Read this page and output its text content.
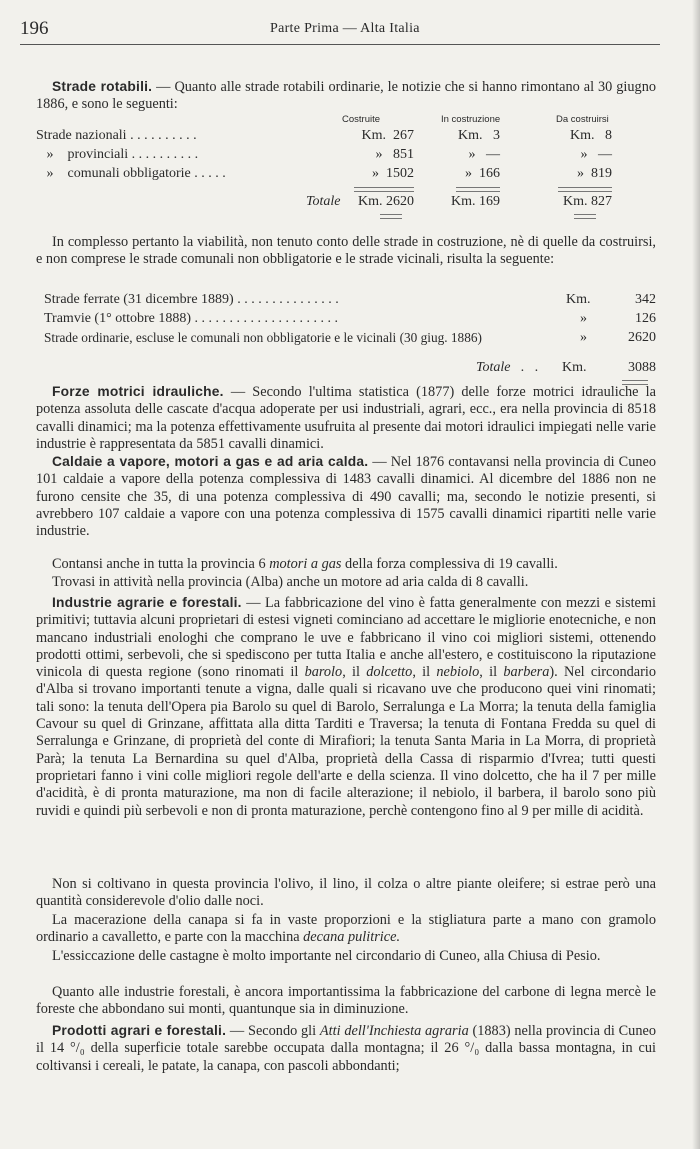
196	Parte Prima — Alta Italia

Strade rotabili. — Quanto alle strade rotabili ordinarie, le notizie che si hanno rimontano al 30 giugno 1886, e sono le seguenti:

Costruite	In costruzione	Da costruirsi
Strade nazionali . . . . . . . . . .	Km.  267	Km.   3	Km.   8
»    provinciali . . . . . . . . . .	»   851	»   —	»   —
»    comunali obbligatorie . . . . .	»  1502	»  166	»  819
Totale	Km. 2620	Km. 169	Km. 827

In complesso pertanto la viabilità, non tenuto conto delle strade in costruzione, nè di quelle da costruirsi, e non comprese le strade comunali non obbligatorie e le strade vicinali, risulta la seguente:

Strade ferrate (31 dicembre 1889) . . . . . . . . . . . . . . .	Km.	342
Tramvie (1° ottobre 1888) . . . . . . . . . . . . . . . . . . . . .	»	126
Strade ordinarie, escluse le comunali non obbligatorie e le vicinali (30 giug. 1886)	»	2620
Totale   .   . Km.	3088

Forze motrici idrauliche. — Secondo l'ultima statistica (1877) delle forze motrici idrauliche la potenza assoluta delle cascate d'acqua adoperate per usi industriali, agrari, ecc., era nella provincia di 8518 cavalli dinamici; ma la potenza effettivamente usufruita al presente dai motori idraulici impiegati nelle varie industrie è rappresentata da 5851 cavalli dinamici.

Caldaie a vapore, motori a gas e ad aria calda. — Nel 1876 contavansi nella provincia di Cuneo 101 caldaie a vapore della potenza complessiva di 1483 cavalli dinamici. Al dicembre del 1886 non ne furono censite che 35, di una potenza complessiva di 490 cavalli; ma, secondo le notizie presenti, si avrebbero 107 caldaie a vapore con una potenza complessiva di 1575 cavalli dinamici ripartiti nelle varie industrie.

Contansi anche in tutta la provincia 6 motori a gas della forza complessiva di 19 cavalli.

Trovasi in attività nella provincia (Alba) anche un motore ad aria calda di 8 cavalli.

Industrie agrarie e forestali. — La fabbricazione del vino è fatta generalmente con mezzi e sistemi primitivi; tuttavia alcuni proprietari di estesi vigneti cominciano ad accettare le migliorie enotecniche, e non mancano industriali enologhi che comprano le uve e fabbricano il vino coi migliori sistemi, ottenendo prodotti ottimi, serbevoli, che si spediscono per tutta Italia e anche all'estero, e costituiscono la riputazione vinicola di questa regione (sono rinomati il barolo, il dolcetto, il nebiolo, il barbera). Nel circondario d'Alba si trovano importanti tenute a vigna, dalle quali si ricavano uve che producono quei vini rinomati; tali sono: la tenuta dell'Opera pia Barolo su quel di Barolo, Serralunga e La Morra; la tenuta della famiglia Cavour su quel di Grinzane, affittata alla ditta Tarditi e Traversa; la tenuta di Fontana Fredda su quel di Serralunga e Grinzane, di proprietà del conte di Mirafiori; la tenuta Santa Maria in La Morra, di proprietà Parà; la tenuta La Bernardina su quel d'Alba, proprietà della Cassa di risparmio d'Ivrea; tutti questi proprietari fanno i vini colle migliori regole dell'arte e della scienza. Il vino dolcetto, che ha il 7 per mille d'acidità, è di pronta maturazione, ma non di facile alterazione; il nebiolo, il barbera, il barolo sono più ruvidi e quindi più serbevoli e non di pronta maturazione, perchè contengono fino al 9 per mille di acidità.

Non si coltivano in questa provincia l'olivo, il lino, il colza o altre piante oleifere; si estrae però una quantità considerevole d'olio dalle noci.

La macerazione della canapa si fa in vaste proporzioni e la stigliatura parte a mano con gramolo ordinario a cavalletto, e parte con la macchina decana pulitrice.

L'essiccazione delle castagne è molto importante nel circondario di Cuneo, alla Chiusa di Pesio.

Quanto alle industrie forestali, è ancora importantissima la fabbricazione del carbone di legna mercè le foreste che abbondano sui monti, quantunque sia in diminuzione.

Prodotti agrari e forestali. — Secondo gli Atti dell'Inchiesta agraria (1883) nella provincia di Cuneo il 14 °/₀ della superficie totale sarebbe occupata dalla montagna; il 26 °/₀ dalla bassa montagna, in cui coltivansi i cereali, le patate, la canapa, con pascoli abbondanti;
